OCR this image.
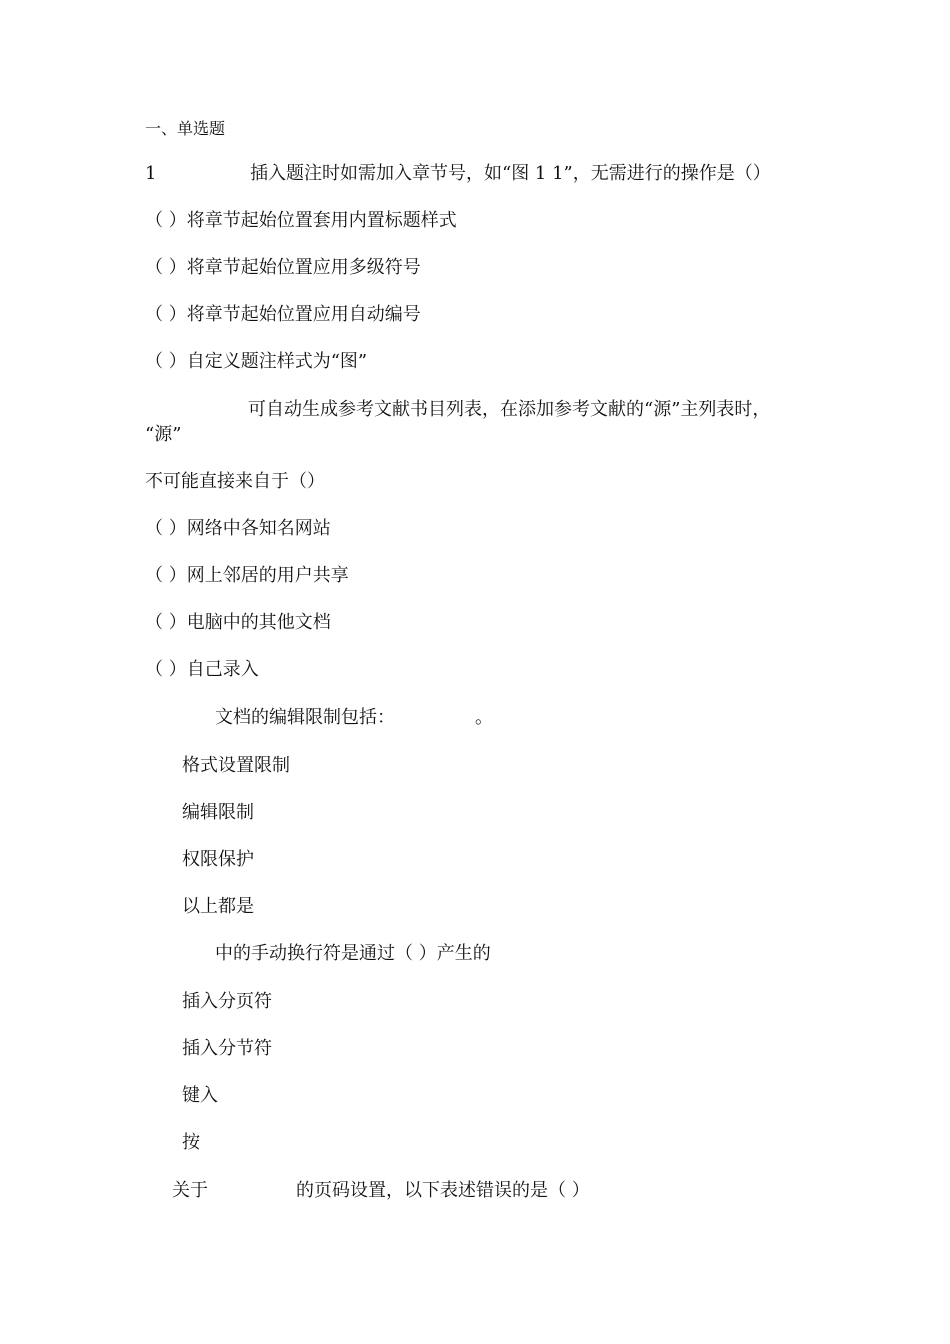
一、单选题
1	插入题注时如需加入章节号，如“图 1 1”，无需进行的操作是（）
（ ）将章节起始位置套用内置标题样式
（ ）将章节起始位置应用多级符号
（ ）将章节起始位置应用自动编号
（ ）自定义题注样式为“图”
可自动生成参考文献书目列表，在添加参考文献的“源”主列表时，
“源”
不可能直接来自于（）
（ ）网络中各知名网站
（ ）网上邻居的用户共享
（ ）电脑中的其他文档
（ ）自己录入
文档的编辑限制包括：	。
格式设置限制
编辑限制
权限保护
以上都是
中的手动换行符是通过（ ）产生的
插入分页符
插入分节符
键入
按
关于	的页码设置，以下表述错误的是（ ）
